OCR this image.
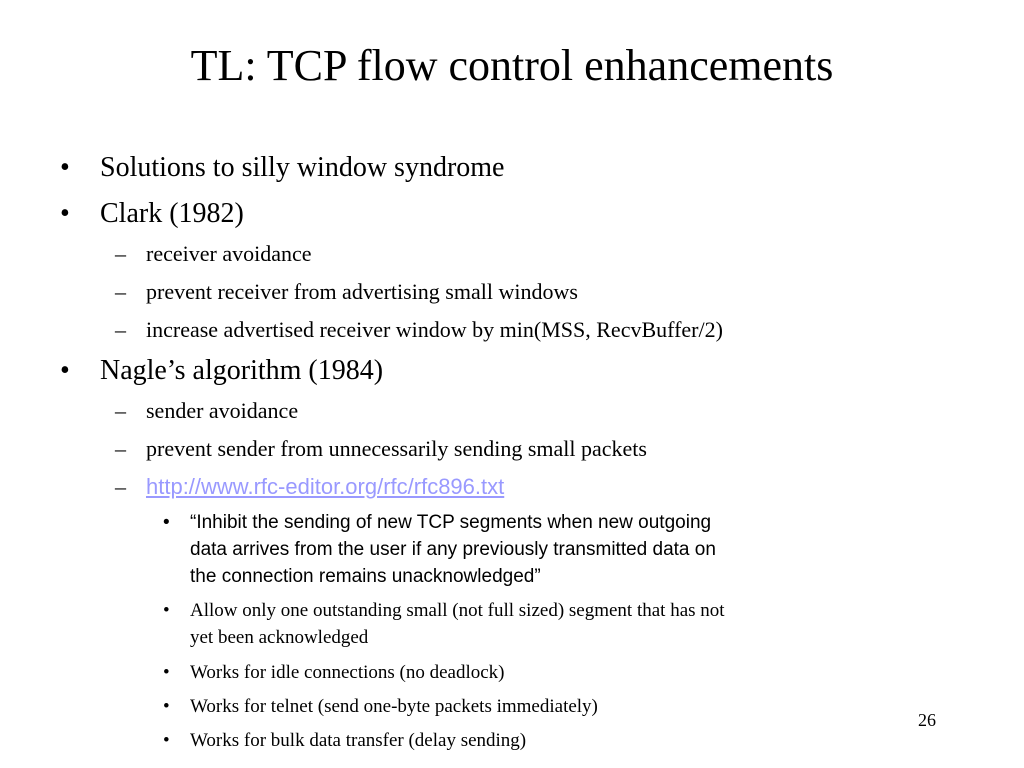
TL: TCP flow control enhancements
• Solutions to silly window syndrome
• Clark (1982)
– receiver avoidance
– prevent receiver from advertising small windows
– increase advertised receiver window by min(MSS, RecvBuffer/2)
• Nagle’s algorithm (1984)
– sender avoidance
– prevent sender from unnecessarily sending small packets
– http://www.rfc-editor.org/rfc/rfc896.txt
• “Inhibit the sending of new TCP segments when new outgoing
data arrives from the user if any previously transmitted data on
the connection remains unacknowledged”
• Allow only one outstanding small (not full sized) segment that has not
yet been acknowledged
• Works for idle connections (no deadlock)
• Works for telnet (send one-byte packets immediately)
• Works for bulk data transfer (delay sending)
26
